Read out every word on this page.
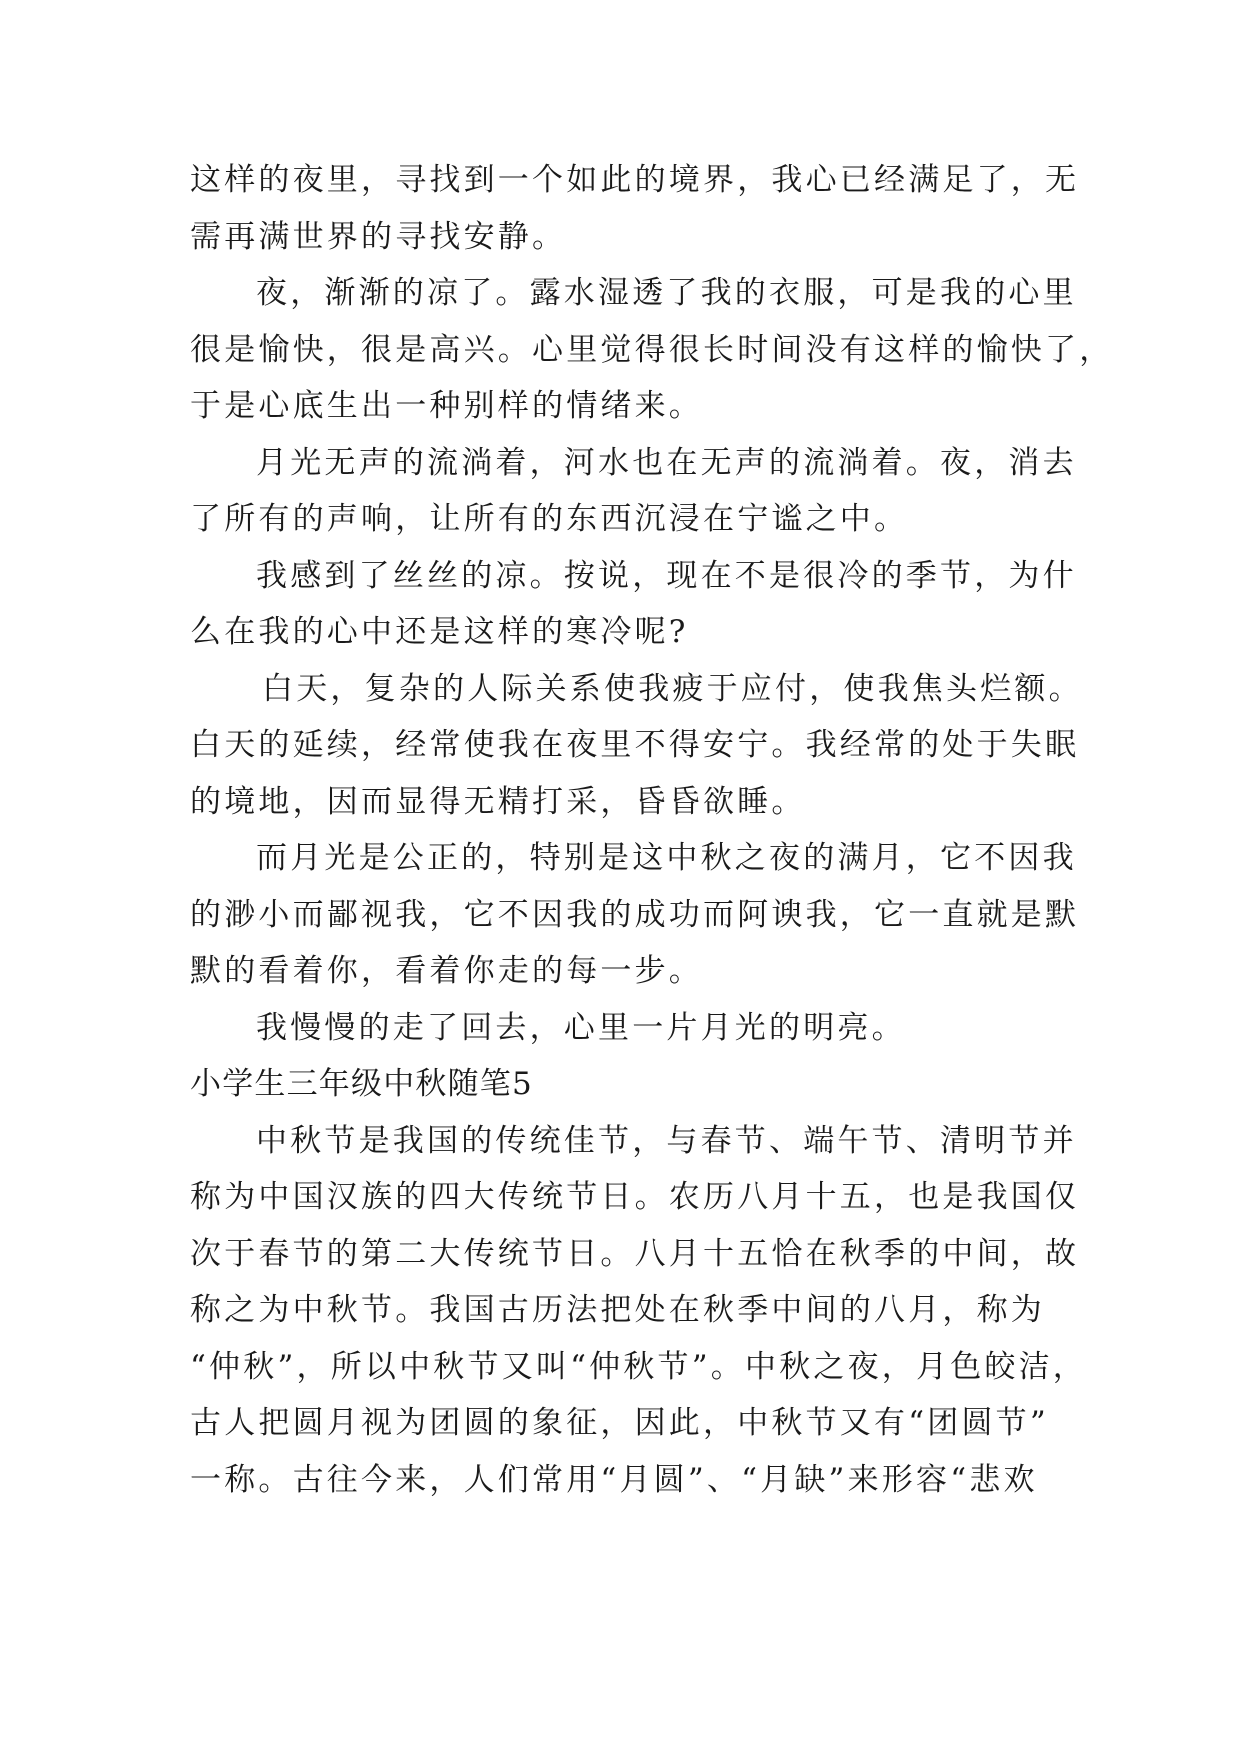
这样的夜里，寻找到一个如此的境界，我心已经满足了，无
需再满世界的寻找安静。
夜，渐渐的凉了。露水湿透了我的衣服，可是我的心里
很是愉快，很是高兴。心里觉得很长时间没有这样的愉快了，
于是心底生出一种别样的情绪来。
月光无声的流淌着，河水也在无声的流淌着。夜，消去
了所有的声响，让所有的东西沉浸在宁谧之中。
我感到了丝丝的凉。按说，现在不是很冷的季节，为什
么在我的心中还是这样的寒冷呢?
白天，复杂的人际关系使我疲于应付，使我焦头烂额。
白天的延续，经常使我在夜里不得安宁。我经常的处于失眠
的境地，因而显得无精打采，昏昏欲睡。
而月光是公正的，特别是这中秋之夜的满月，它不因我
的渺小而鄙视我，它不因我的成功而阿谀我，它一直就是默
默的看着你，看着你走的每一步。
我慢慢的走了回去，心里一片月光的明亮。
小学生三年级中秋随笔5
中秋节是我国的传统佳节，与春节、端午节、清明节并
称为中国汉族的四大传统节日。农历八月十五，也是我国仅
次于春节的第二大传统节日。八月十五恰在秋季的中间，故
称之为中秋节。我国古历法把处在秋季中间的八月，称为
“仲秋”，所以中秋节又叫“仲秋节”。中秋之夜，月色皎洁，
古人把圆月视为团圆的象征，因此，中秋节又有“团圆节”
一称。古往今来，人们常用“月圆”、“月缺”来形容“悲欢
